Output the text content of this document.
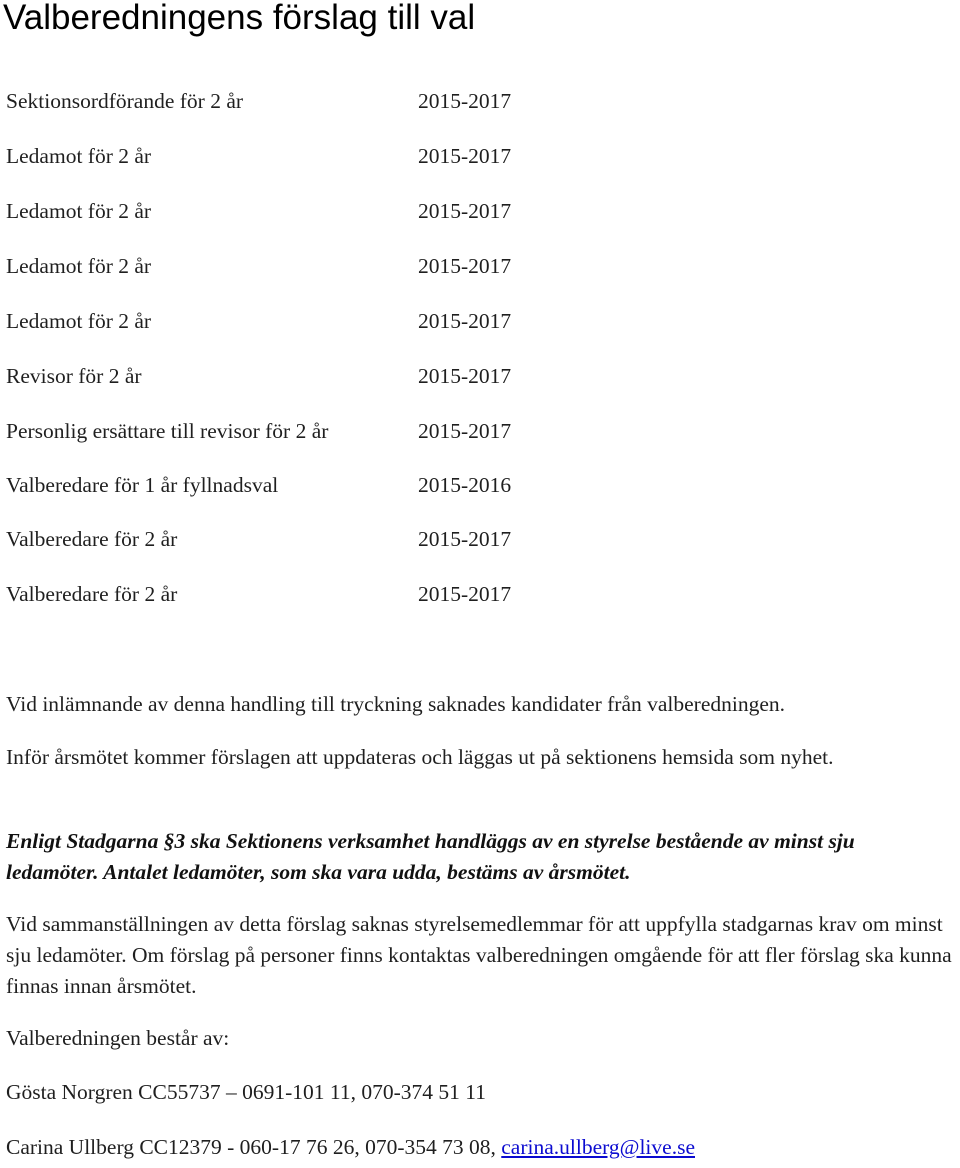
Valberedningens förslag till val
Sektionsordförande för 2 år	2015-2017
Ledamot för 2 år	2015-2017
Ledamot för 2 år	2015-2017
Ledamot för 2 år	2015-2017
Ledamot för 2 år	2015-2017
Revisor för 2 år	2015-2017
Personlig ersättare till revisor för 2 år	2015-2017
Valberedare för 1 år fyllnadsval	2015-2016
Valberedare för 2 år	2015-2017
Valberedare för 2 år	2015-2017

Vid inlämnande av denna handling till tryckning saknades kandidater från valberedningen.

Inför årsmötet kommer förslagen att uppdateras och läggas ut på sektionens hemsida som nyhet.

Enligt Stadgarna §3 ska Sektionens verksamhet handläggs av en styrelse bestående av minst sju ledamöter. Antalet ledamöter, som ska vara udda, bestäms av årsmötet.

Vid sammanställningen av detta förslag saknas styrelsemedlemmar för att uppfylla stadgarnas krav om minst sju ledamöter. Om förslag på personer finns kontaktas valberedningen omgående för att fler förslag ska kunna finnas innan årsmötet.

Valberedningen består av:

Gösta Norgren CC55737 – 0691-101 11, 070-374 51 11

Carina Ullberg CC12379 - 060-17 76 26, 070-354 73 08, carina.ullberg@live.se
